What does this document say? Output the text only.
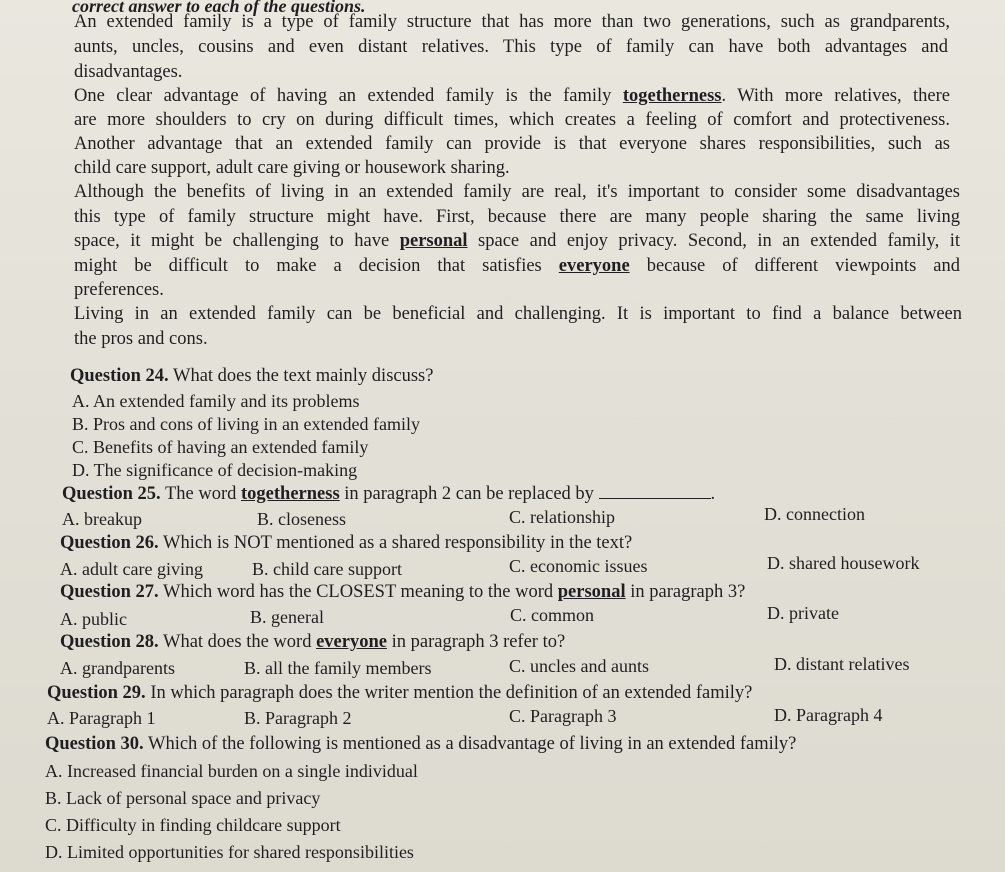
correct answer to each of the questions.
An extended family is a type of family structure that has more than two generations, such as grandparents,
aunts, uncles, cousins and even distant relatives. This type of family can have both advantages and
disadvantages.
One clear advantage of having an extended family is the family togetherness. With more relatives, there
are more shoulders to cry on during difficult times, which creates a feeling of comfort and protectiveness.
Another advantage that an extended family can provide is that everyone shares responsibilities, such as
child care support, adult care giving or housework sharing.
Although the benefits of living in an extended family are real, it's important to consider some disadvantages
this type of family structure might have. First, because there are many people sharing the same living
space, it might be challenging to have personal space and enjoy privacy. Second, in an extended family, it
might be difficult to make a decision that satisfies everyone because of different viewpoints and
preferences.
Living in an extended family can be beneficial and challenging. It is important to find a balance between
the pros and cons.
Question 24. What does the text mainly discuss?
A. An extended family and its problems
B. Pros and cons of living in an extended family
C. Benefits of having an extended family
D. The significance of decision-making
Question 25. The word togetherness in paragraph 2 can be replaced by	.
A. breakup	B. closeness	C. relationship	D. connection
Question 26. Which is NOT mentioned as a shared responsibility in the text?
A. adult care giving	B. child care support	C. economic issues	D. shared housework
Question 27. Which word has the CLOSEST meaning to the word personal in paragraph 3?
A. public	B. general	C. common	D. private
Question 28. What does the word everyone in paragraph 3 refer to?
A. grandparents	B. all the family members	C. uncles and aunts	D. distant relatives
Question 29. In which paragraph does the writer mention the definition of an extended family?
A. Paragraph 1	B. Paragraph 2	C. Paragraph 3	D. Paragraph 4
Question 30. Which of the following is mentioned as a disadvantage of living in an extended family?
A. Increased financial burden on a single individual
B. Lack of personal space and privacy
C. Difficulty in finding childcare support
D. Limited opportunities for shared responsibilities
